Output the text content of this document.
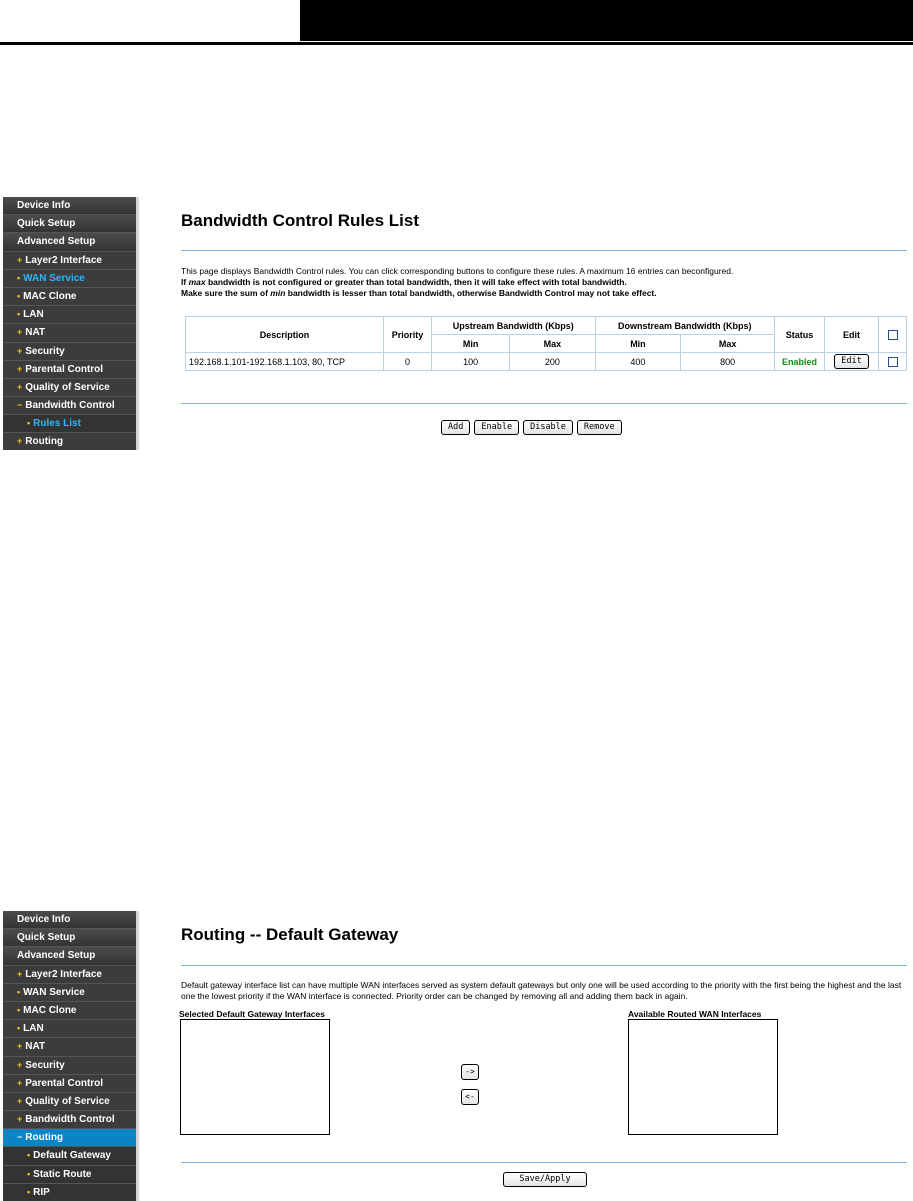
Device Info
Quick Setup
Advanced Setup
+ Layer2 Interface
• WAN Service
• MAC Clone
• LAN
+ NAT
+ Security
+ Parental Control
+ Quality of Service
− Bandwidth Control
• Rules List
+ Routing
Bandwidth Control Rules List
This page displays Bandwidth Control rules. You can click corresponding buttons to configure these rules. A maximum 16 entries can beconfigured.
If max bandwidth is not configured or greater than total bandwidth, then it will take effect with total bandwidth.
Make sure the sum of min bandwidth is lesser than total bandwidth, otherwise Bandwidth Control may not take effect.
Description	Priority	Upstream Bandwidth (Kbps)		Downstream Bandwidth (Kbps)		Status	Edit	
		Min	Max	Min	Max			
192.168.1.101-192.168.1.103, 80, TCP	0	100	200	400	800	Enabled	Edit	
Add	Enable	Disable	Remove
Device Info
Quick Setup
Advanced Setup
+ Layer2 Interface
• WAN Service
• MAC Clone
• LAN
+ NAT
+ Security
+ Parental Control
+ Quality of Service
+ Bandwidth Control
− Routing
• Default Gateway
• Static Route
• RIP
Routing -- Default Gateway
Default gateway interface list can have multiple WAN interfaces served as system default gateways but only one will be used according to the priority with the first being the highest and the last one the lowest priority if the WAN interface is connected. Priority order can be changed by removing all and adding them back in again.
Selected Default Gateway Interfaces
->
<-
Available Routed WAN Interfaces
Save/Apply
